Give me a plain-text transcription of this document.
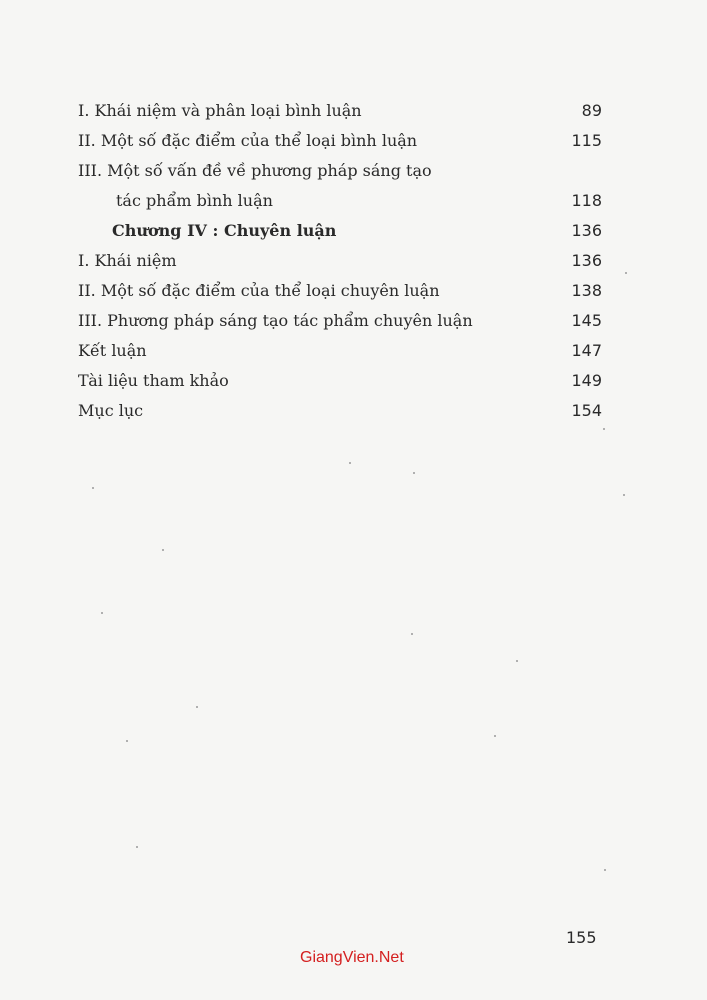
I. Khái niệm và phân loại bình luận	89
II. Một số đặc điểm của thể loại bình luận	115
III. Một số vấn đề về phương pháp sáng tạo
tác phẩm bình luận	118
Chương IV : Chuyên luận	136
I. Khái niệm	136
II. Một số đặc điểm của thể loại chuyên luận	138
III. Phương pháp sáng tạo tác phẩm chuyên luận	145
Kết luận	147
Tài liệu tham khảo	149
Mục lục	154
155
GiangVien.Net
